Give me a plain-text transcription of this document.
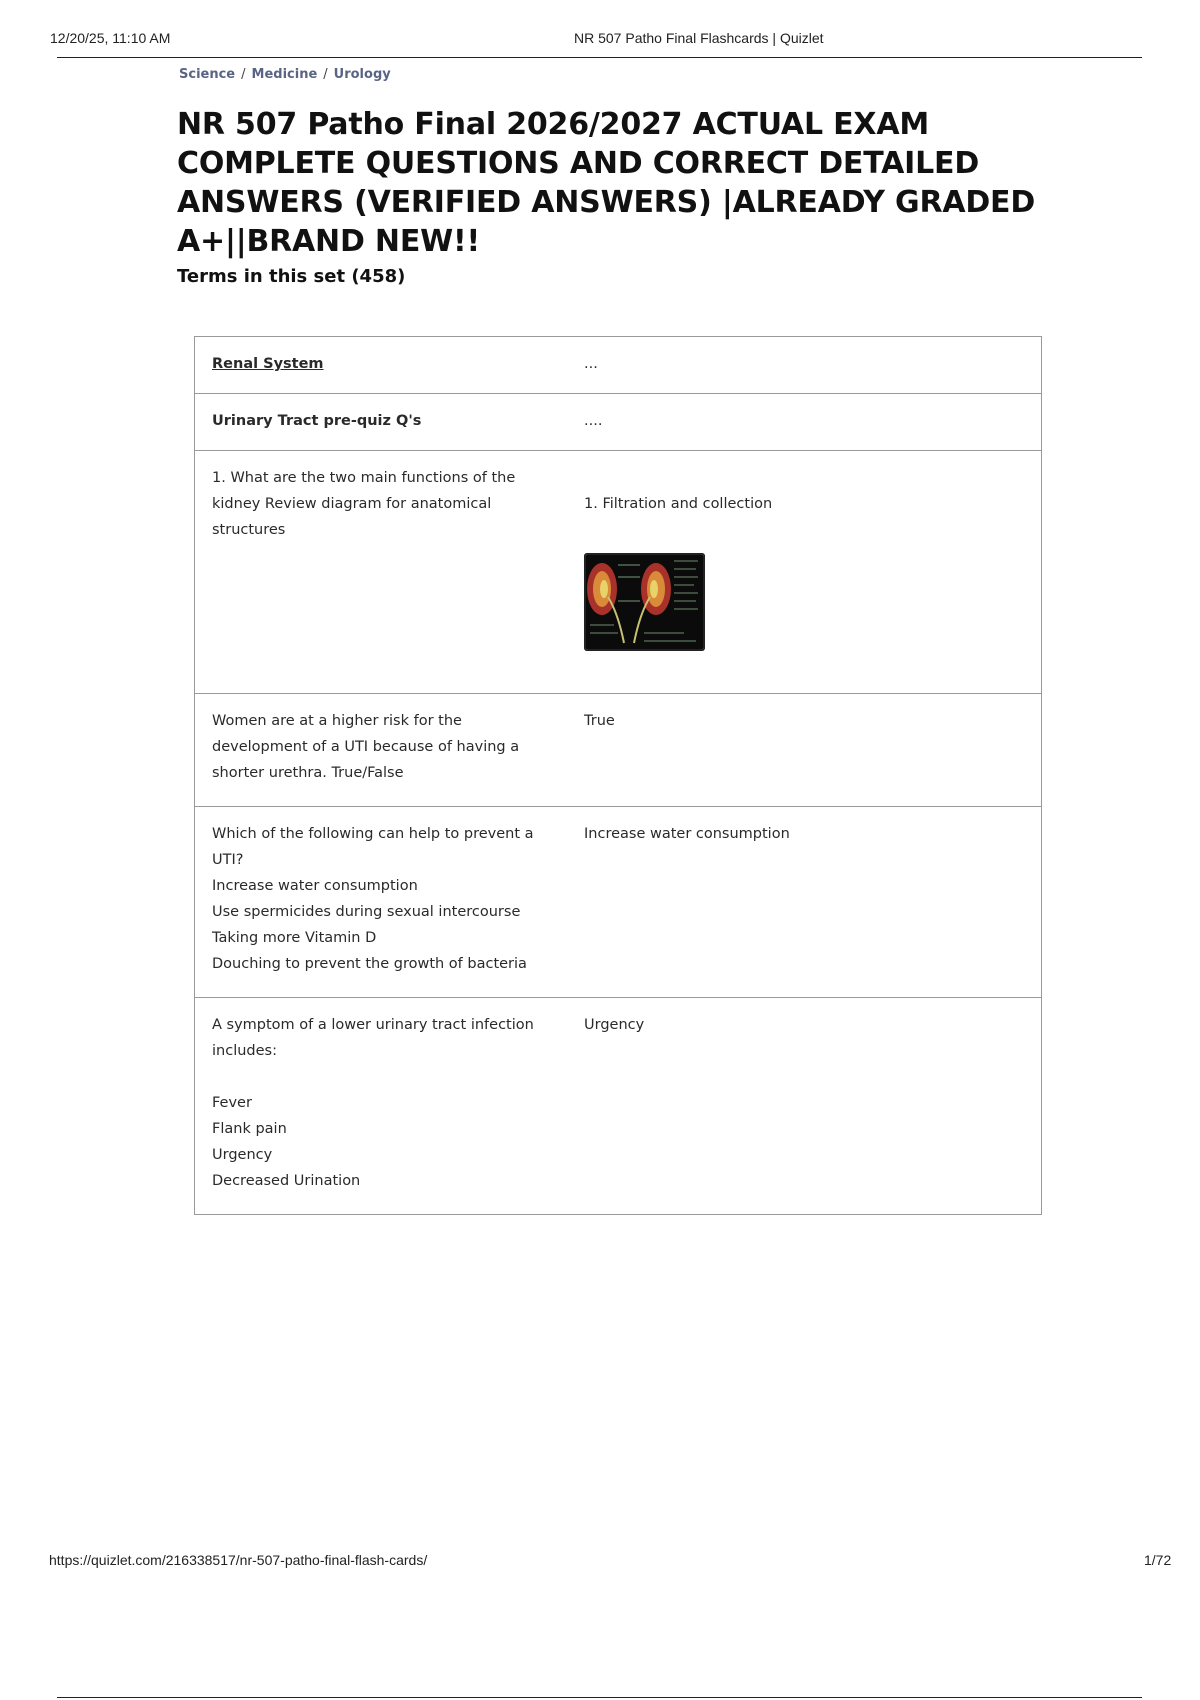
12/20/25, 11:10 AM	NR 507 Patho Final Flashcards | Quizlet
Science / Medicine / Urology
NR 507 Patho Final 2026/2027 ACTUAL EXAM COMPLETE QUESTIONS AND CORRECT DETAILED ANSWERS (VERIFIED ANSWERS) |ALREADY GRADED A+||BRAND NEW!!
Terms in this set (458)
Renal System	...
Urinary Tract pre-quiz Q's	....
1. What are the two main functions of the kidney Review diagram for anatomical structures	1. Filtration and collection

Women are at a higher risk for the development of a UTI because of having a shorter urethra. True/False	True
Which of the following can help to prevent a UTI?
Increase water consumption
Use spermicides during sexual intercourse
Taking more Vitamin D
Douching to prevent the growth of bacteria	Increase water consumption
A symptom of a lower urinary tract infection includes:

Fever
Flank pain
Urgency
Decreased Urination	Urgency
https://quizlet.com/216338517/nr-507-patho-final-flash-cards/	1/72
